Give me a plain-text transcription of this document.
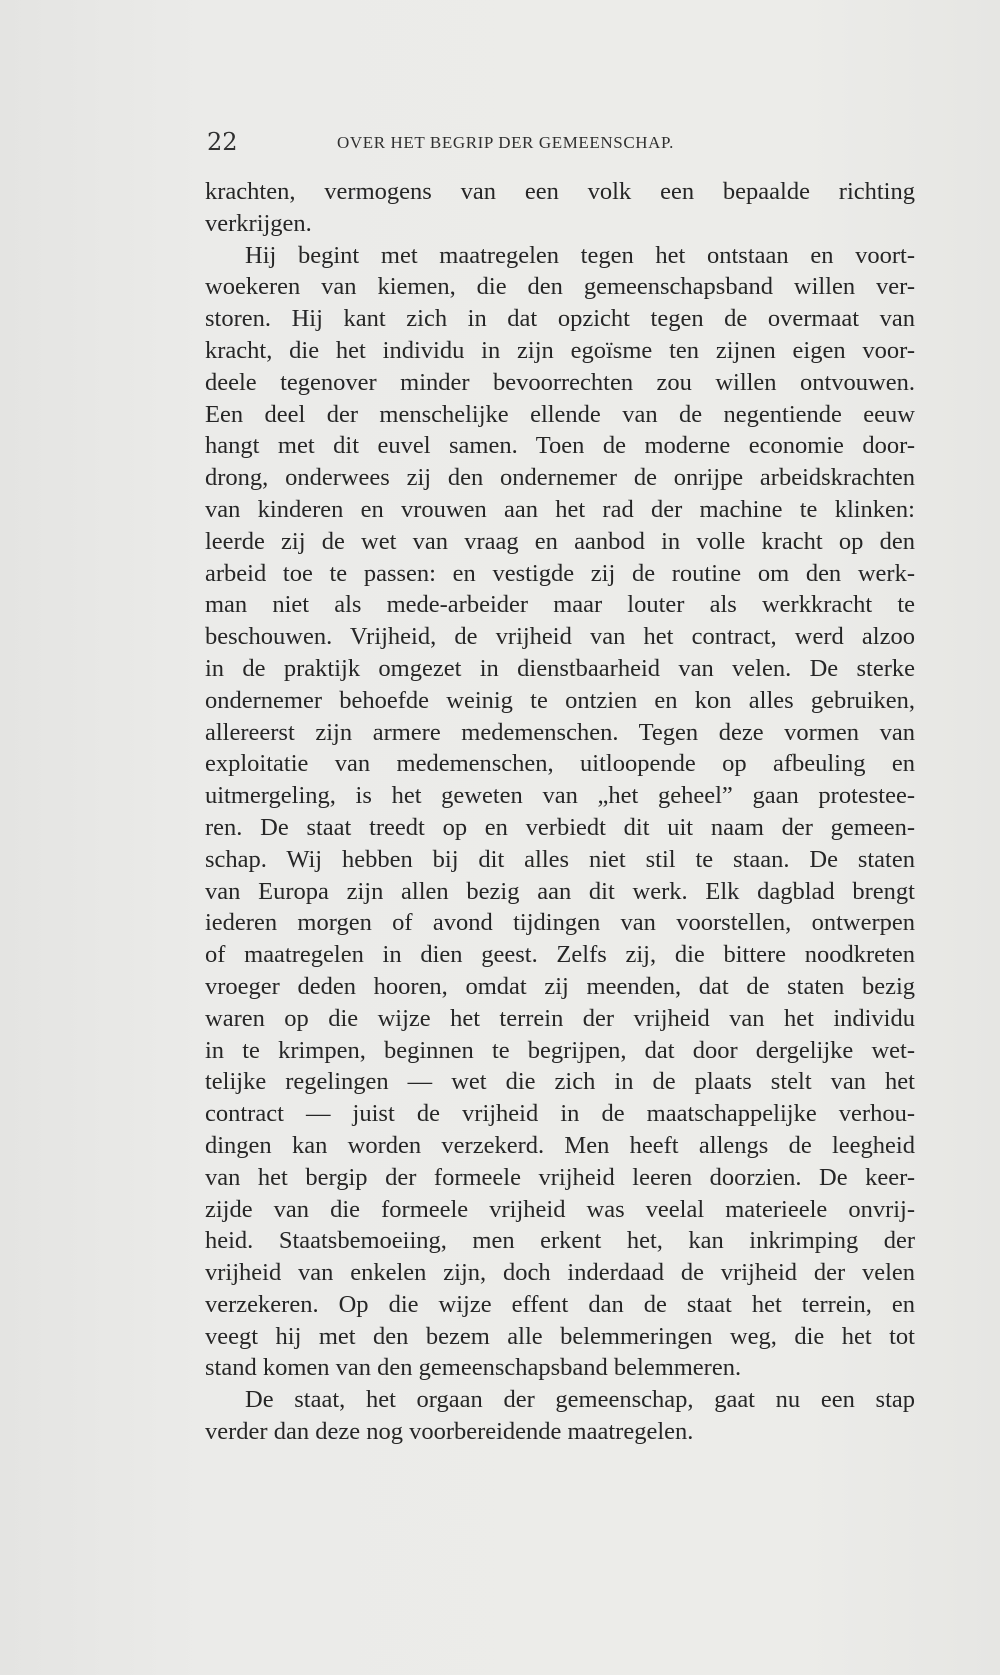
22	OVER HET BEGRIP DER GEMEENSCHAP.
krachten, vermogens van een volk een bepaalde richting
verkrijgen.
Hij begint met maatregelen tegen het ontstaan en voort-
woekeren van kiemen, die den gemeenschapsband willen ver-
storen. Hij kant zich in dat opzicht tegen de overmaat van
kracht, die het individu in zijn egoïsme ten zijnen eigen voor-
deele tegenover minder bevoorrechten zou willen ontvouwen.
Een deel der menschelijke ellende van de negentiende eeuw
hangt met dit euvel samen. Toen de moderne economie door-
drong, onderwees zij den ondernemer de onrijpe arbeidskrachten
van kinderen en vrouwen aan het rad der machine te klinken:
leerde zij de wet van vraag en aanbod in volle kracht op den
arbeid toe te passen: en vestigde zij de routine om den werk-
man niet als mede-arbeider maar louter als werkkracht te
beschouwen. Vrijheid, de vrijheid van het contract, werd alzoo
in de praktijk omgezet in dienstbaarheid van velen. De sterke
ondernemer behoefde weinig te ontzien en kon alles gebruiken,
allereerst zijn armere medemenschen. Tegen deze vormen van
exploitatie van medemenschen, uitloopende op afbeuling en
uitmergeling, is het geweten van „het geheel” gaan protestee-
ren. De staat treedt op en verbiedt dit uit naam der gemeen-
schap. Wij hebben bij dit alles niet stil te staan. De staten
van Europa zijn allen bezig aan dit werk. Elk dagblad brengt
iederen morgen of avond tijdingen van voorstellen, ontwerpen
of maatregelen in dien geest. Zelfs zij, die bittere noodkreten
vroeger deden hooren, omdat zij meenden, dat de staten bezig
waren op die wijze het terrein der vrijheid van het individu
in te krimpen, beginnen te begrijpen, dat door dergelijke wet-
telijke regelingen — wet die zich in de plaats stelt van het
contract — juist de vrijheid in de maatschappelijke verhou-
dingen kan worden verzekerd. Men heeft allengs de leegheid
van het bergip der formeele vrijheid leeren doorzien. De keer-
zijde van die formeele vrijheid was veelal materieele onvrij-
heid. Staatsbemoeiing, men erkent het, kan inkrimping der
vrijheid van enkelen zijn, doch inderdaad de vrijheid der velen
verzekeren. Op die wijze effent dan de staat het terrein, en
veegt hij met den bezem alle belemmeringen weg, die het tot
stand komen van den gemeenschapsband belemmeren.
De staat, het orgaan der gemeenschap, gaat nu een stap
verder dan deze nog voorbereidende maatregelen.
